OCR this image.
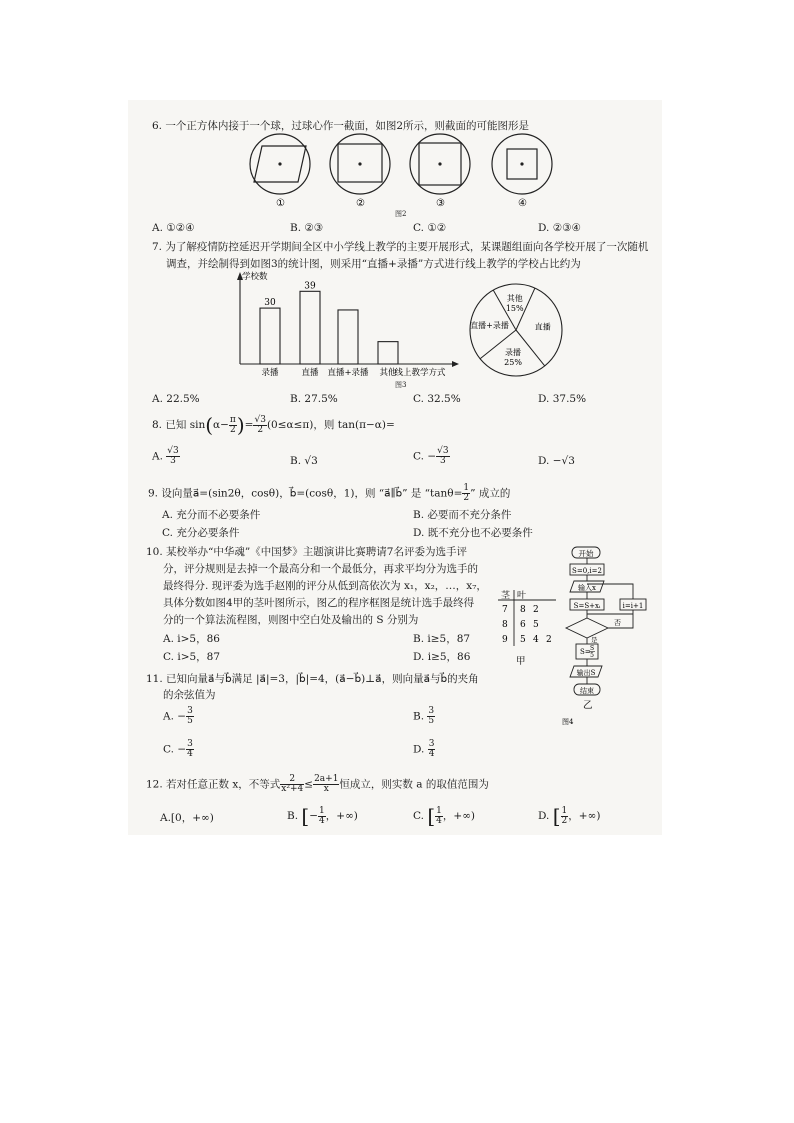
6. 一个正方体内接于一个球，过球心作一截面，如图2所示，则截面的可能图形是
①	②	③	④
图2
A. ①②④	B. ②③	C. ①②	D. ②③④
7. 为了解疫情防控延迟开学期间全区中小学线上教学的主要开展形式，某课题组面向各学校开展了一次随机
调查，并绘制得到如图3的统计图，则采用“直播+录播”方式进行线上教学的学校占比约为
学校数
线上教学方式
录播
30
直播
39
直播+录播 其他
图3
其他
15%
直播
录播
25%
直播+录播
A. 22.5%	B. 27.5%	C. 32.5%	D. 37.5%
8. 已知 $\sin(\alpha- \frac{\pi}{2}$ )= $\frac{√3}{2} (0\le\alpha\le\pi)$，则 tan(π−α)=
A. $\frac{√3}{3}$	B. √3	C. − $\frac{√3}{3}$	D. −√3
9. 设向量a⃗=(sin2θ，cosθ)，b⃗=(cosθ，1)，则 “a⃗∥b⃗” 是 “$\tan\theta= \frac{1}{2}$ ” 成立的
A. 充分而不必要条件	B. 必要而不充分条件
C. 充分必要条件	D. 既不充分也不必要条件
10. 某校举办“中华魂”《中国梦》主题演讲比赛聘请7名评委为选手评
分，评分规则是去掉一个最高分和一个最低分，再求平均分为选手的
最终得分. 现评委为选手赵刚的评分从低到高依次为 x₁，x₂，…，x₇，
具体分数如图4甲的茎叶图所示，图乙的程序框图是统计选手最终得
分的一个算法流程图，则图中空白处及输出的 S 分别为
A. i>5，86	B. i≥5，87
C. i>5，87	D. i≥5，86
茎 叶
7 8 2
8 6 5
9 5 4 2
甲
开始
S=0,i=2
输入x
S=S+xᵢ	i=i+1
否
是
S= S
5
输出S
结束
乙
图4
11. 已知向量a⃗与b⃗满足 |a⃗|=3，|b⃗|=4，(a⃗−b⃗)⊥a⃗，则向量a⃗与b⃗的夹角
的余弦值为
A. − $\frac{3}{5}$	B. $\frac{3}{5}$
C. − $\frac{3}{4}$	D. $\frac{3}{4}$
12. 若对任意正数 x，不等式 $\frac{2}{\text{x²+4}} \le \frac{2a+1}{x}$ 恒成立，则实数 a 的取值范围为
A.[0，+∞)	B. [− $\frac{1}{4}$ ，+∞)	C. [ $\frac{1}{4}$ ，+∞)	D. [ $\frac{1}{2}$ ，+∞)
